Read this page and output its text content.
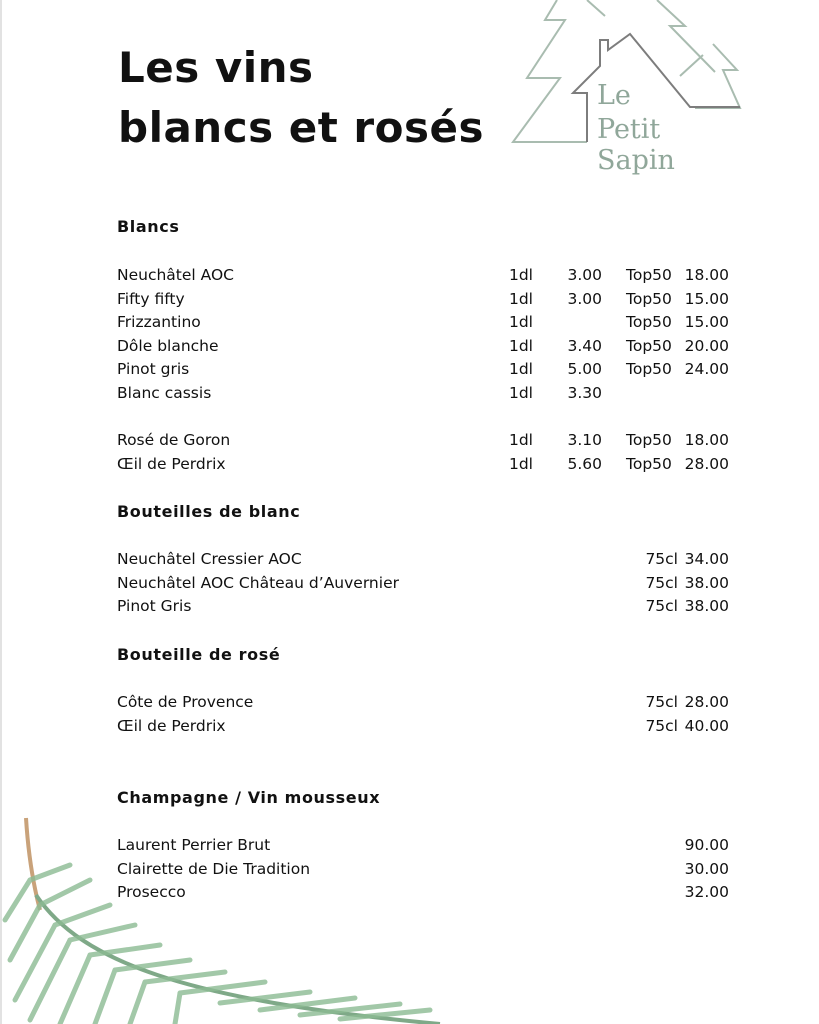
Les vins
blancs et rosés
Le
Petit Sapin
Blancs
Neuchâtel AOC	1dl 3.00 Top50 18.00
Fifty fifty	1dl 3.00 Top50 15.00
Frizzantino	1dl	Top50 15.00
Dôle blanche	1dl 3.40 Top50 20.00
Pinot gris	1dl 5.00 Top50 24.00
Blanc cassis	1dl 3.30
Rosé de Goron	1dl 3.10 Top50 18.00
Œil de Perdrix	1dl 5.60 Top50 28.00
Bouteilles de blanc
Neuchâtel Cressier AOC	75cl 34.00
Neuchâtel AOC Château d’Auvernier	75cl 38.00
Pinot Gris	75cl 38.00
Bouteille de rosé
Côte de Provence	75cl 28.00
Œil de Perdrix	75cl 40.00
Champagne / Vin mousseux
Laurent Perrier Brut	90.00
Clairette de Die Tradition	30.00
Prosecco	32.00
